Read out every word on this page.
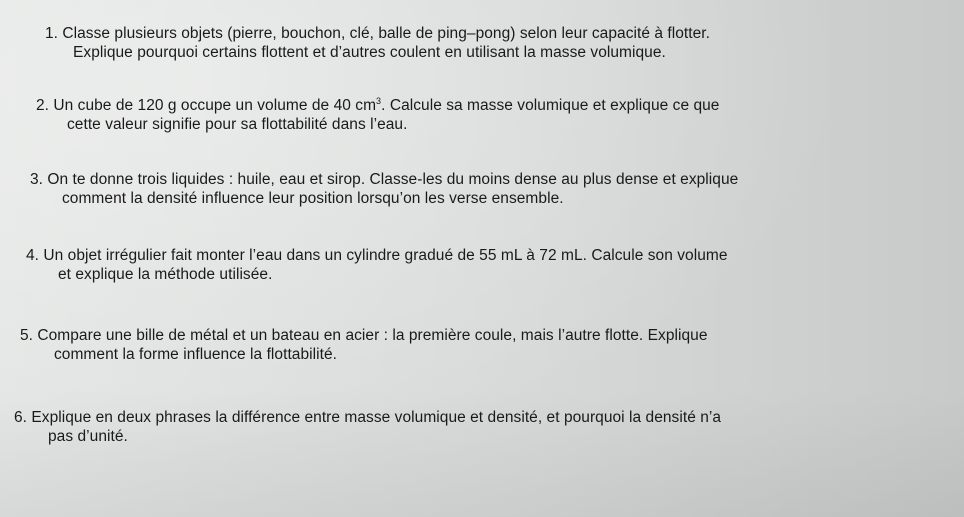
1. Classe plusieurs objets (pierre, bouchon, clé, balle de ping–pong) selon leur capacité à flotter.
Explique pourquoi certains flottent et d’autres coulent en utilisant la masse volumique.
2. Un cube de 120 g occupe un volume de 40 $cm^3$. Calcule sa masse volumique et explique ce que
cette valeur signifie pour sa flottabilité dans l’eau.
3. On te donne trois liquides : huile, eau et sirop. Classe-les du moins dense au plus dense et explique
comment la densité influence leur position lorsqu’on les verse ensemble.
4. Un objet irrégulier fait monter l’eau dans un cylindre gradué de 55 mL à 72 mL. Calcule son volume
et explique la méthode utilisée.
5. Compare une bille de métal et un bateau en acier : la première coule, mais l’autre flotte. Explique
comment la forme influence la flottabilité.
6. Explique en deux phrases la différence entre masse volumique et densité, et pourquoi la densité n’a
pas d’unité.
